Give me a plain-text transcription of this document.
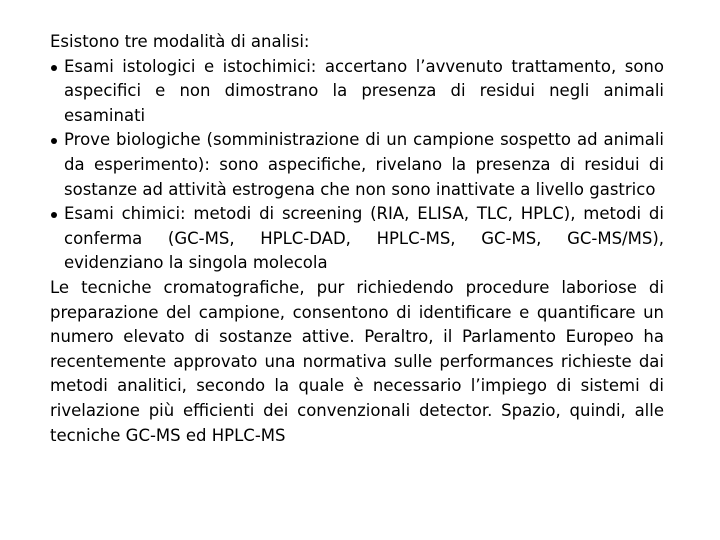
Esistono tre modalità di analisi:

Esami istologici e istochimici: accertano l’avvenuto trattamento, sono aspecifici e non dimostrano la presenza di residui negli animali esaminati
Prove biologiche (somministrazione di un campione sospetto ad animali da esperimento): sono aspecifiche, rivelano la presenza di residui di sostanze ad attività estrogena che non sono inattivate a livello gastrico
Esami chimici: metodi di screening (RIA, ELISA, TLC, HPLC), metodi di conferma (GC-MS, HPLC-DAD, HPLC-MS, GC-MS, GC-MS/MS), evidenziano la singola molecola

Le tecniche cromatografiche, pur richiedendo procedure laboriose di preparazione del campione, consentono di identificare e quantificare un numero elevato di sostanze attive. Peraltro, il Parlamento Europeo ha recentemente approvato una normativa sulle performances richieste dai metodi analitici, secondo la quale è necessario l’impiego di sistemi di rivelazione più efficienti dei convenzionali detector. Spazio, quindi, alle tecniche GC-MS ed HPLC-MS
